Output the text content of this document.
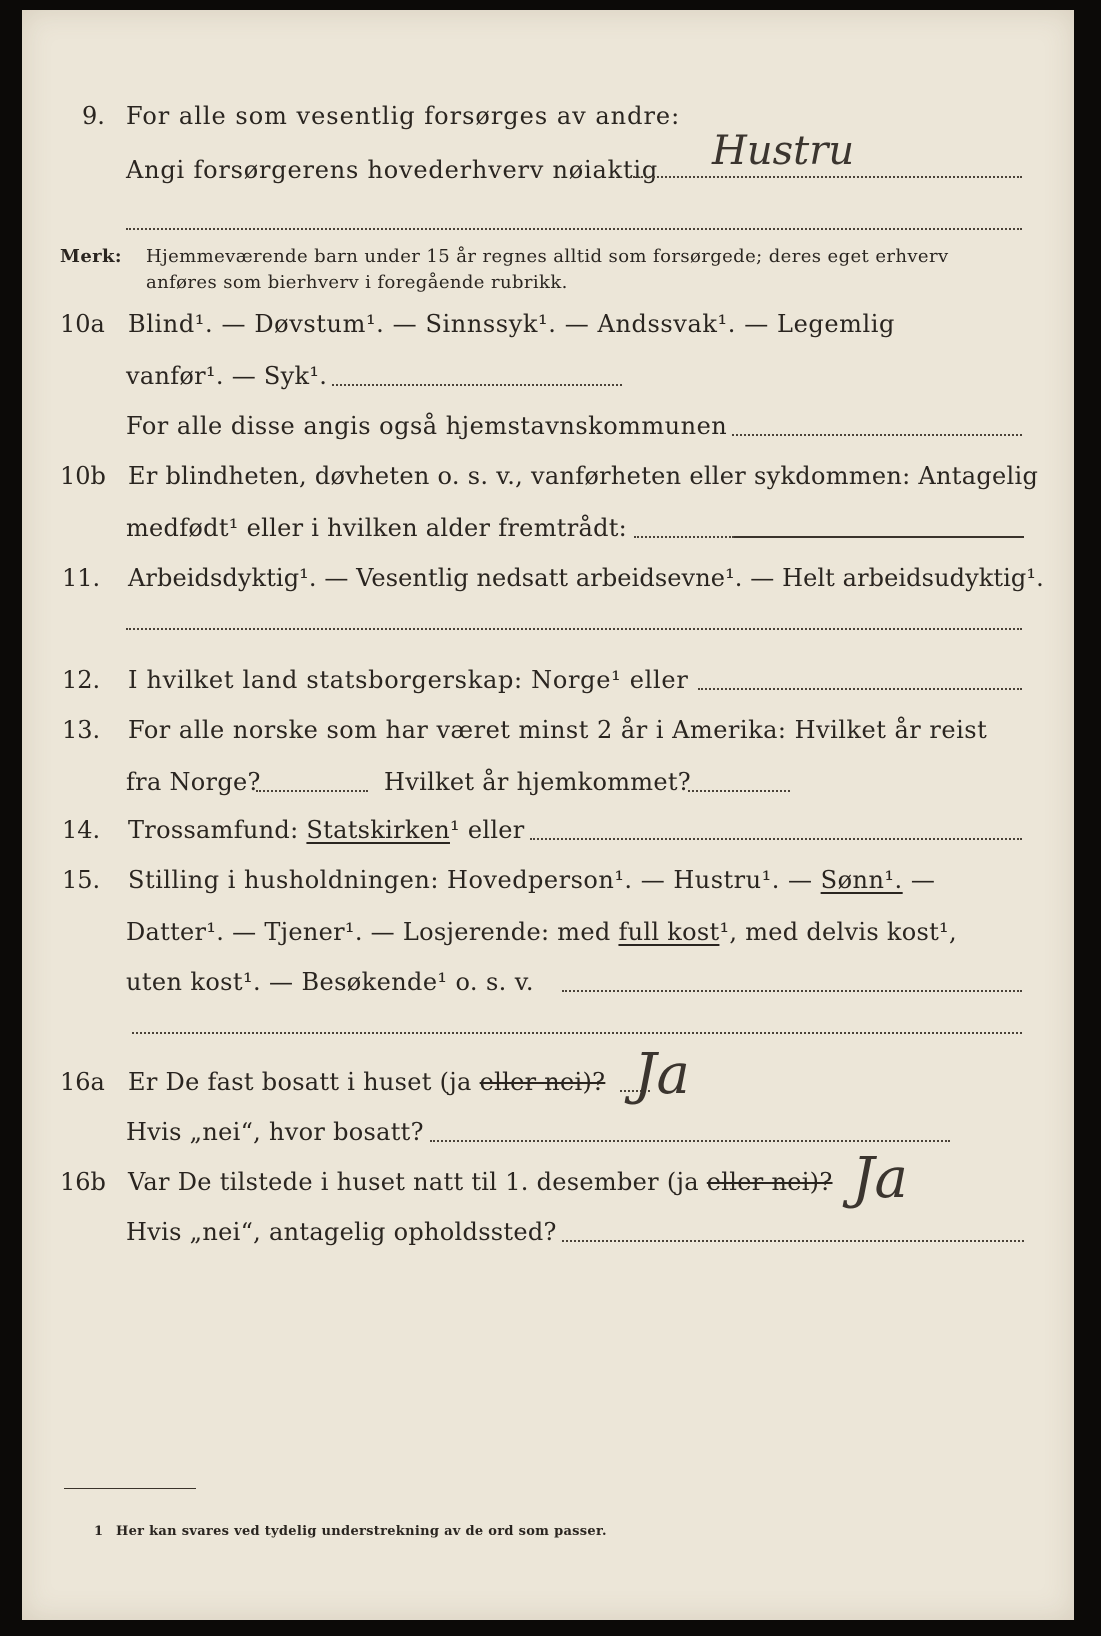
9. For alle som vesentlig forsørges av andre:
Angi forsørgerens hovederhverv nøiaktig Hustru
Merk: Hjemmeværende barn under 15 år regnes alltid som forsørgede; deres eget erhverv
anføres som bierhverv i foregående rubrikk.
10a Blind¹. — Døvstum¹. — Sinnssyk¹. — Andssvak¹. — Legemlig
vanfør¹. — Syk¹.
For alle disse angis også hjemstavnskommunen
10b Er blindheten, døvheten o. s. v., vanførheten eller sykdommen: Antagelig
medfødt¹ eller i hvilken alder fremtrådt:
11. Arbeidsdyktig¹. — Vesentlig nedsatt arbeidsevne¹. — Helt arbeidsudyktig¹.
12. I hvilket land statsborgerskap: Norge¹ eller
13. For alle norske som har været minst 2 år i Amerika: Hvilket år reist
fra Norge?	Hvilket år hjemkommet?
14. Trossamfund: Statskirken¹ eller
15. Stilling i husholdningen: Hovedperson¹. — Hustru¹. — Sønn¹. —
Datter¹. — Tjener¹. — Losjerende: med full kost¹, med delvis kost¹,
uten kost¹. — Besøkende¹ o. s. v.
16a Er De fast bosatt i huset (ja eller nei)? Ja
Hvis „nei“, hvor bosatt?
16b Var De tilstede i huset natt til 1. desember (ja eller nei)? Ja
Hvis „nei“, antagelig opholdssted?
1 Her kan svares ved tydelig understrekning av de ord som passer.
